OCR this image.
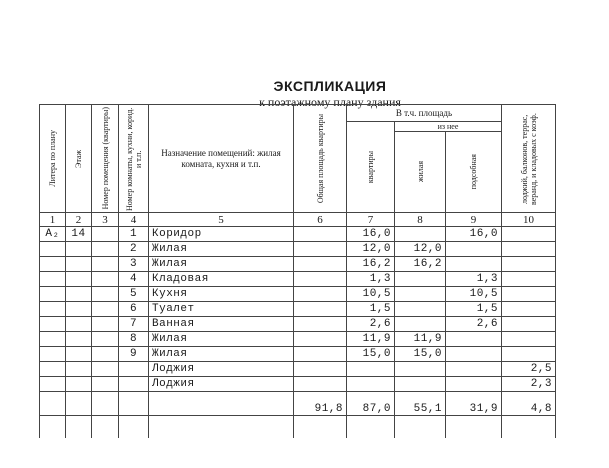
ЭКСПЛИКАЦИЯ
к поэтажному плану здания
Литера по плану	Этаж	Номер помещения (квартиры)	Номер комнаты, кухни, корид. и т.п.	Назначение помещений: жилая комната, кухня и т.п.	Общая площадь квартиры	В т.ч. площадь			лоджий, балконов, террас, веранд, и кладовых с коэф.

						квартиры	из нее		

							жилая	подсобная	

1	2	3	4	5	6	7	8	9	10
А₂	14		1	Коридор		16,0		16,0	
			2	Жилая		12,0	12,0		
			3	Жилая		16,2	16,2		
			4	Кладовая		1,3		1,3	
			5	Кухня		10,5		10,5	
			6	Туалет		1,5		1,5	
			7	Ванная		2,6		2,6	
			8	Жилая		11,9	11,9		
			9	Жилая		15,0	15,0		
				Лоджия					2,5
				Лоджия					2,3
					91,8	87,0	55,1	31,9	4,8
